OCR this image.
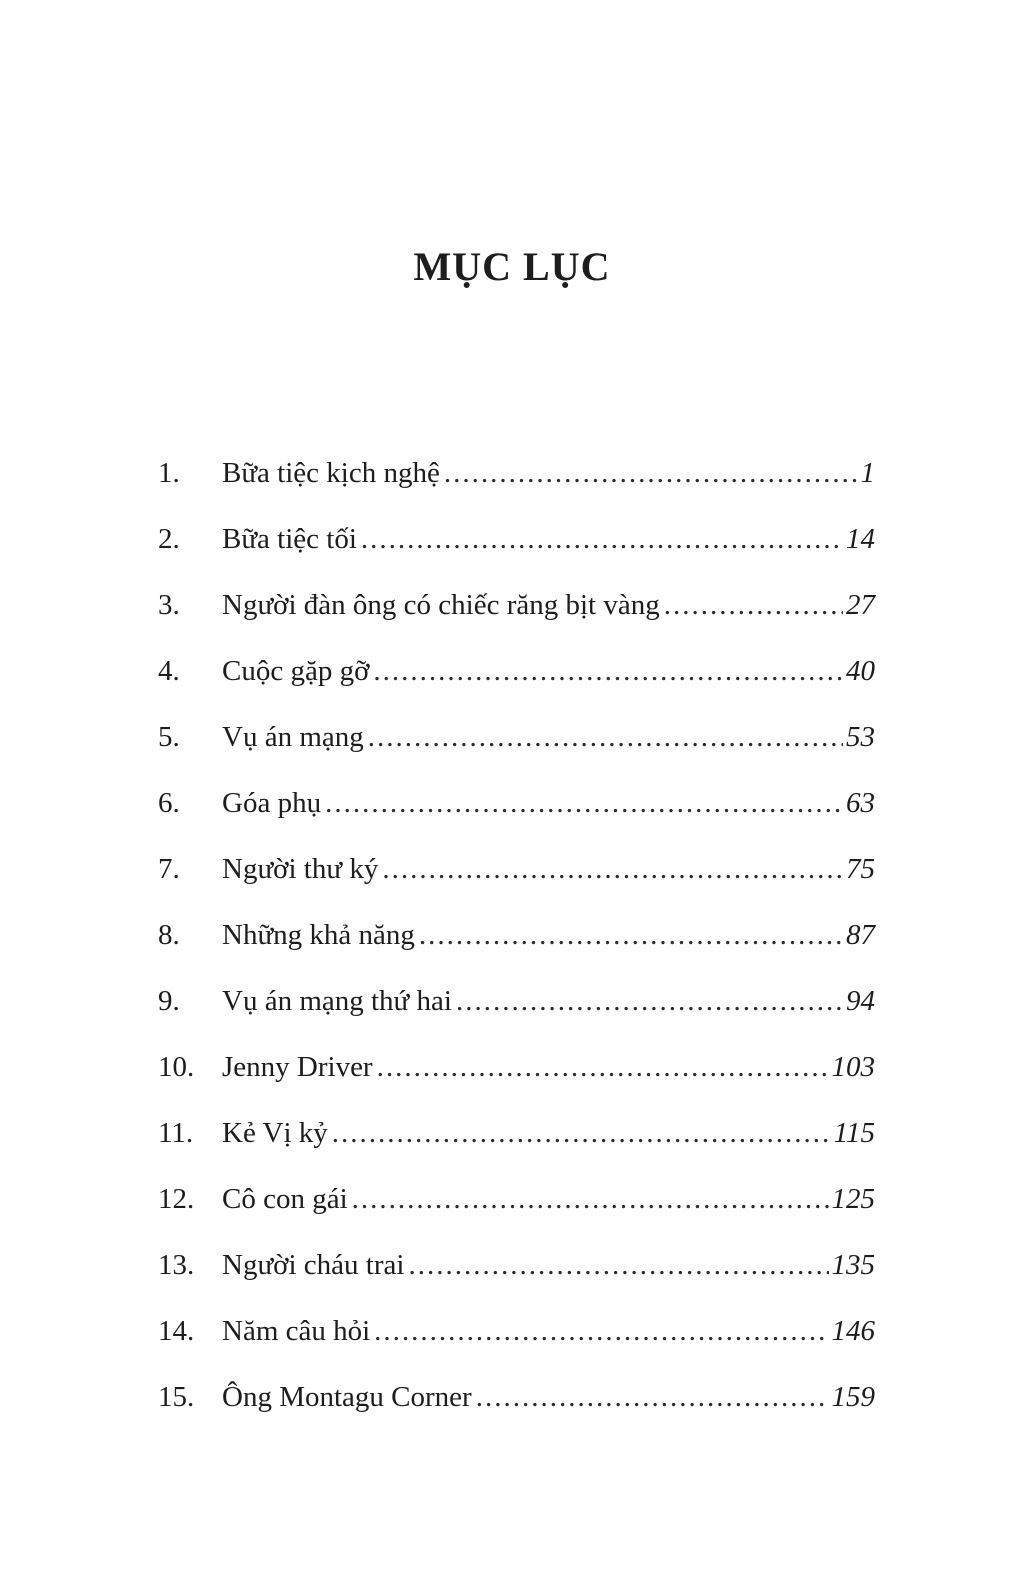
MỤC LỤC
1.	Bữa tiệc kịch nghệ .....	1
2.	Bữa tiệc tối .....	14
3.	Người đàn ông có chiếc răng bịt vàng .....	27
4.	Cuộc gặp gỡ .....	40
5.	Vụ án mạng .....	53
6.	Góa phụ .....	63
7.	Người thư ký .....	75
8.	Những khả năng .....	87
9.	Vụ án mạng thứ hai .....	94
10. Jenny Driver .....	103
11. Kẻ Vị kỷ .....	115
12. Cô con gái .....	125
13. Người cháu trai .....	135
14. Năm câu hỏi .....	146
15. Ông Montagu Corner .....	159
